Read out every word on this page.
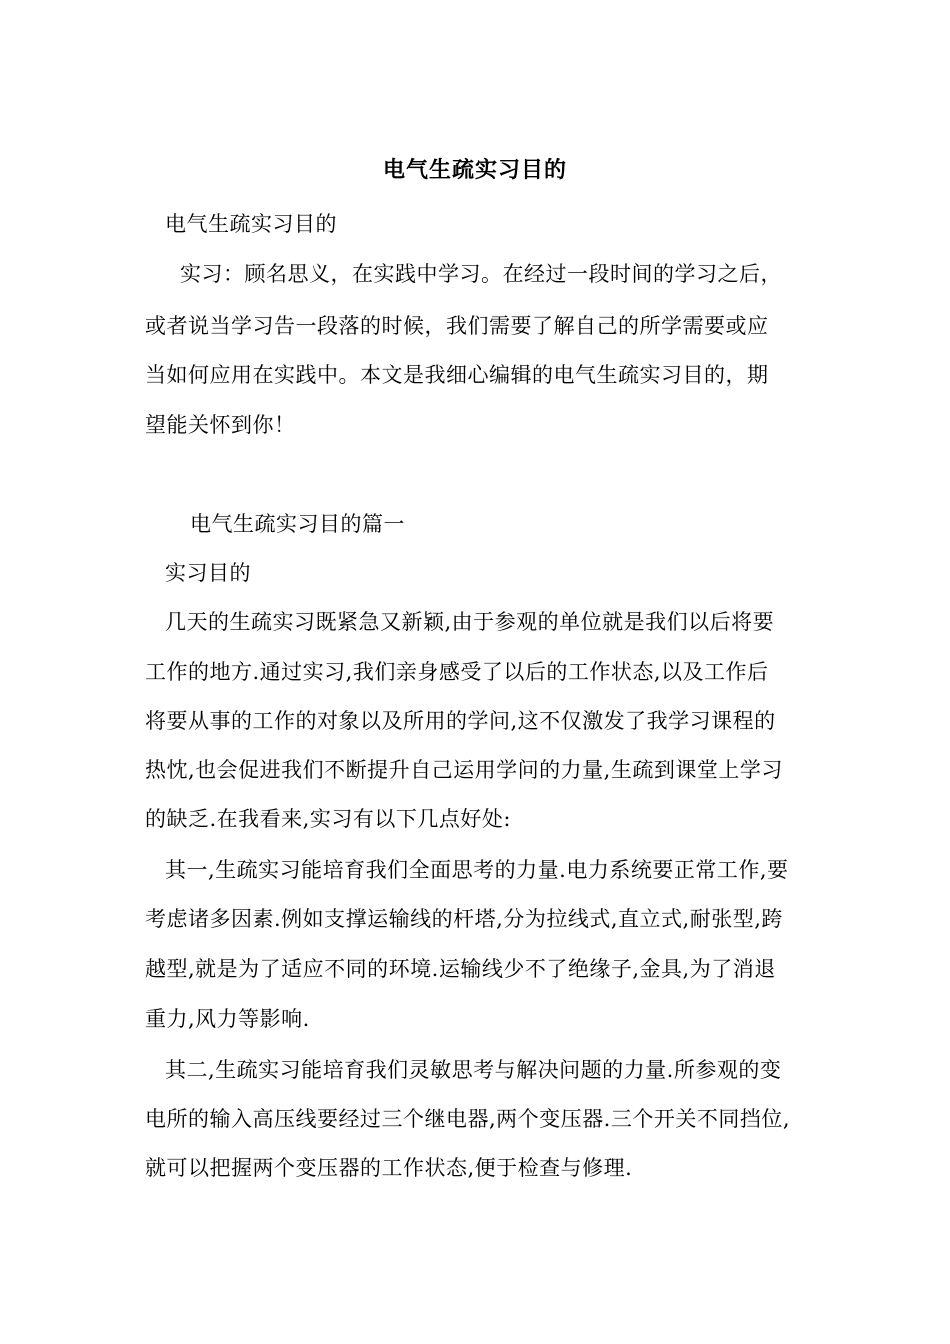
电气生疏实习目的
电气生疏实习目的
实习：顾名思义，在实践中学习。在经过一段时间的学习之后，
或者说当学习告一段落的时候，我们需要了解自己的所学需要或应
当如何应用在实践中。本文是我细心编辑的电气生疏实习目的，期
望能关怀到你！
电气生疏实习目的篇一
实习目的
几天的生疏实习既紧急又新颖,由于参观的单位就是我们以后将要
工作的地方.通过实习,我们亲身感受了以后的工作状态,以及工作后
将要从事的工作的对象以及所用的学问,这不仅激发了我学习课程的
热忱,也会促进我们不断提升自己运用学问的力量,生疏到课堂上学习
的缺乏.在我看来,实习有以下几点好处:
其一,生疏实习能培育我们全面思考的力量.电力系统要正常工作,要
考虑诸多因素.例如支撑运输线的杆塔,分为拉线式,直立式,耐张型,跨
越型,就是为了适应不同的环境.运输线少不了绝缘子,金具,为了消退
重力,风力等影响.
其二,生疏实习能培育我们灵敏思考与解决问题的力量.所参观的变
电所的输入高压线要经过三个继电器,两个变压器.三个开关不同挡位,
就可以把握两个变压器的工作状态,便于检查与修理.
